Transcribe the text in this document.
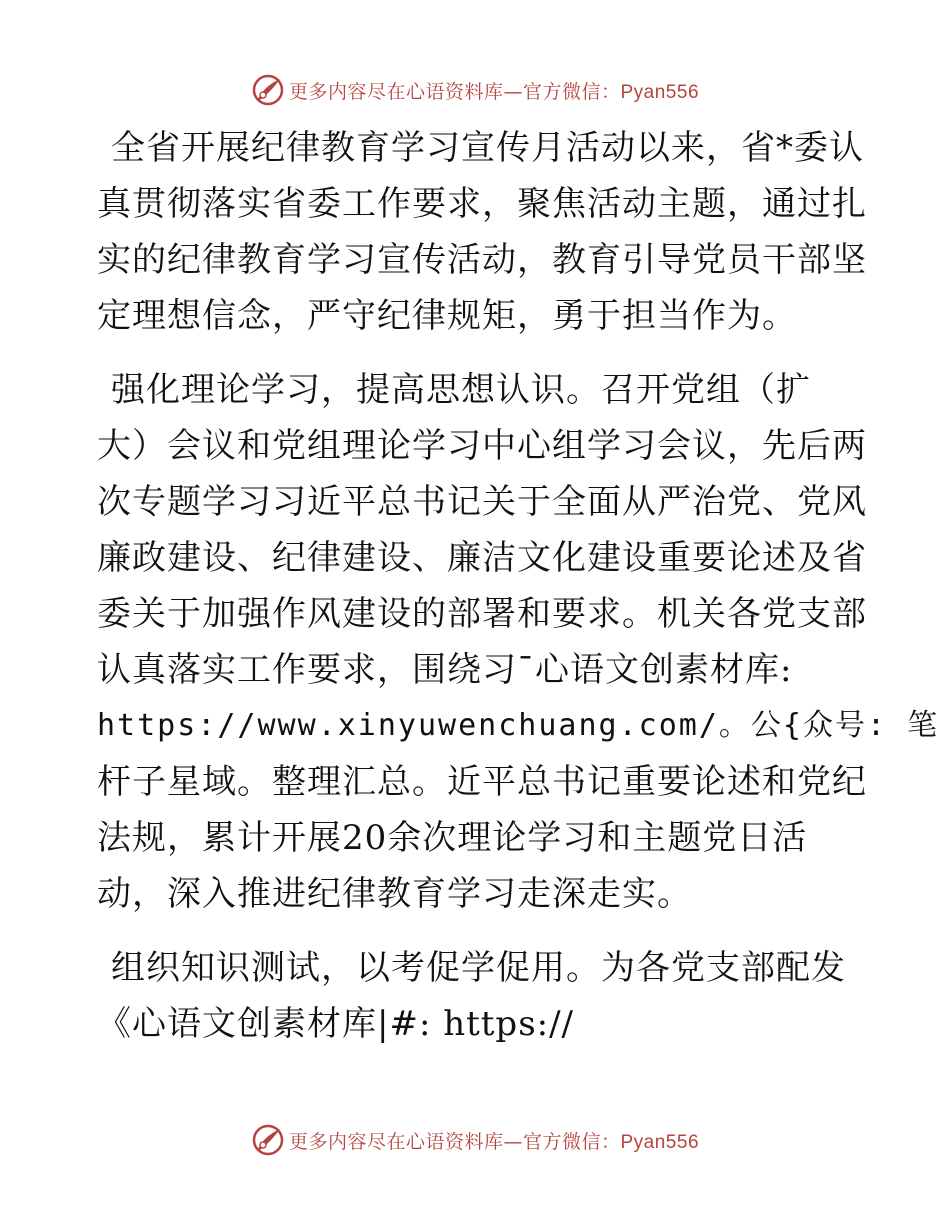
更多内容尽在心语资料库—官方微信：Pyan556
全省开展纪律教育学习宣传月活动以来，省*委认
真贯彻落实省委工作要求，聚焦活动主题，通过扎
实的纪律教育学习宣传活动，教育引导党员干部坚
定理想信念，严守纪律规矩，勇于担当作为。
强化理论学习，提高思想认识。召开党组（扩
大）会议和党组理论学习中心组学习会议，先后两
次专题学习习近平总书记关于全面从严治党、党风
廉政建设、纪律建设、廉洁文化建设重要论述及省
委关于加强作风建设的部署和要求。机关各党支部
认真落实工作要求，围绕习¯心语文创素材库:
https://www.xinyuwenchuang.com/。公{众号: 笔
杆子星域。整理汇总。近平总书记重要论述和党纪
法规，累计开展20余次理论学习和主题党日活
动，深入推进纪律教育学习走深走实。
组织知识测试，以考促学促用。为各党支部配发
《心语文创素材库|#: https://
更多内容尽在心语资料库—官方微信：Pyan556
